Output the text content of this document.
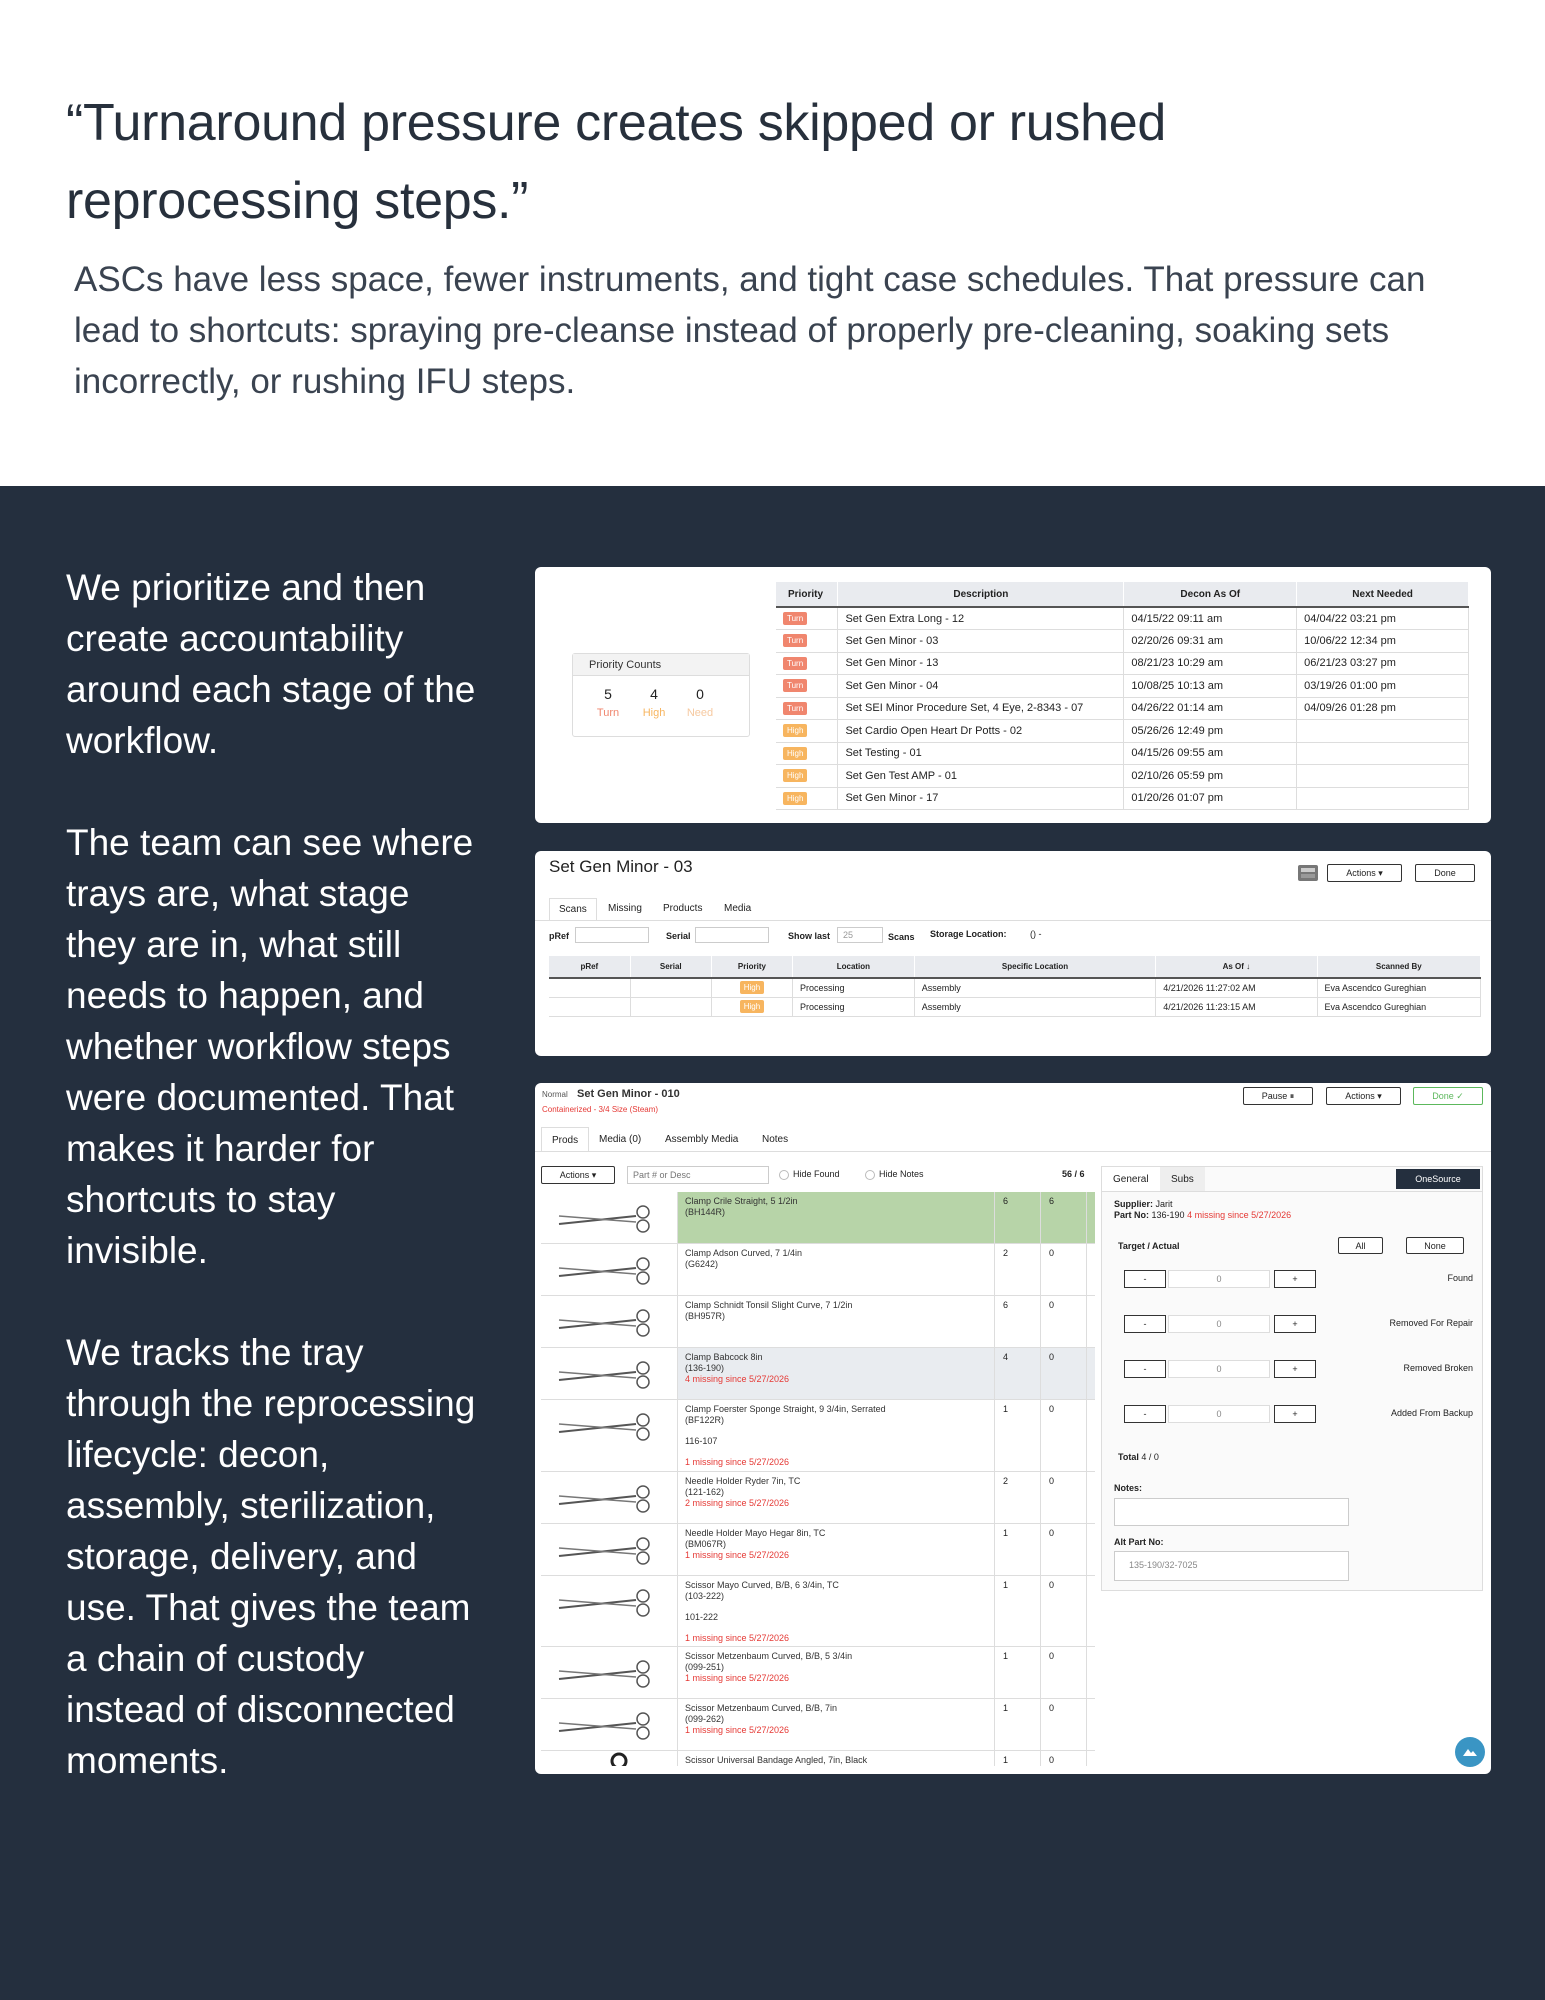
“Turnaround pressure creates skipped or rushed reprocessing steps.”
ASCs have less space, fewer instruments, and tight case schedules. That pressure can lead to shortcuts: spraying pre-cleanse instead of properly pre-cleaning, soaking sets incorrectly, or rushing IFU steps.

We prioritize and then create accountability around each stage of the workflow.

The team can see where trays are, what stage they are in, what still needs to happen, and whether workflow steps were documented. That makes it harder for shortcuts to stay invisible.

We tracks the tray through the reprocessing lifecycle: decon, assembly, sterilization, storage, delivery, and use. That gives the team a chain of custody instead of disconnected moments.

Priority Counts
5
Turn
4
High
0
Need
Priority	Description	Decon As Of	Next Needed
Turn	Set Gen Extra Long - 12	04/15/22 09:11 am	04/04/22 03:21 pm
Turn	Set Gen Minor - 03	02/20/26 09:31 am	10/06/22 12:34 pm
Turn	Set Gen Minor - 13	08/21/23 10:29 am	06/21/23 03:27 pm
Turn	Set Gen Minor - 04	10/08/25 10:13 am	03/19/26 01:00 pm
Turn	Set SEI Minor Procedure Set, 4 Eye, 2-8343 - 07	04/26/22 01:14 am	04/09/26 01:28 pm
High	Set Cardio Open Heart Dr Potts - 02	05/26/26 12:49 pm	
High	Set Testing - 01	04/15/26 09:55 am	
High	Set Gen Test AMP - 01	02/10/26 05:59 pm	
High	Set Gen Minor - 17	01/20/26 01:07 pm	
Set Gen Minor - 03	Actions ▾	Done
Scans	Missing	Products	Media
pRef	Serial	Show last	25	Scans Storage Location:	() -
pRef	Serial	Priority	Location	Specific Location	As Of ↓	Scanned By
		High	Processing	Assembly	4/21/2026 11:27:02 AM	Eva Ascendco Gureghian
		High	Processing	Assembly	4/21/2026 11:23:15 AM	Eva Ascendco Gureghian
Normal Set Gen Minor - 010
Containerized - 3/4 Size (Steam)
Pause ⏸	Actions ▾	Done ✓
Prods	Media (0)	Assembly Media	Notes
Actions ▾
Part # or Desc	Hide Found	Hide Notes	56 / 6
Clamp Crile Straight, 5 1/2in
(BH144R)
6	6
Clamp Adson Curved, 7 1/4in
(G6242)
2	0
Clamp Schnidt Tonsil Slight Curve, 7 1/2in
(BH957R)
6	0
Clamp Babcock 8in
(136-190)
4 missing since 5/27/2026
4	0
Clamp Foerster Sponge Straight, 9 3/4in, Serrated
(BF122R)
116-107
1 missing since 5/27/2026
1	0
Needle Holder Ryder 7in, TC
(121-162)
2 missing since 5/27/2026
2	0
Needle Holder Mayo Hegar 8in, TC
(BM067R)
1 missing since 5/27/2026
1	0
Scissor Mayo Curved, B/B, 6 3/4in, TC
(103-222)
101-222
1 missing since 5/27/2026
1	0
Scissor Metzenbaum Curved, B/B, 5 3/4in
(099-251)
1 missing since 5/27/2026
1	0
Scissor Metzenbaum Curved, B/B, 7in
(099-262)
1 missing since 5/27/2026
1	0
Scissor Universal Bandage Angled, 7in, Black	1	0
General	Subs	OneSource
Supplier: Jarit
Part No: 136-190 4 missing since 5/27/2026
Target / Actual	All	None
-	0	+	Found
-	0	+	Removed For Repair
-	0	+	Removed Broken
-	0	+	Added From Backup
Total 4 / 0
Notes:
Alt Part No:
135-190/32-7025
